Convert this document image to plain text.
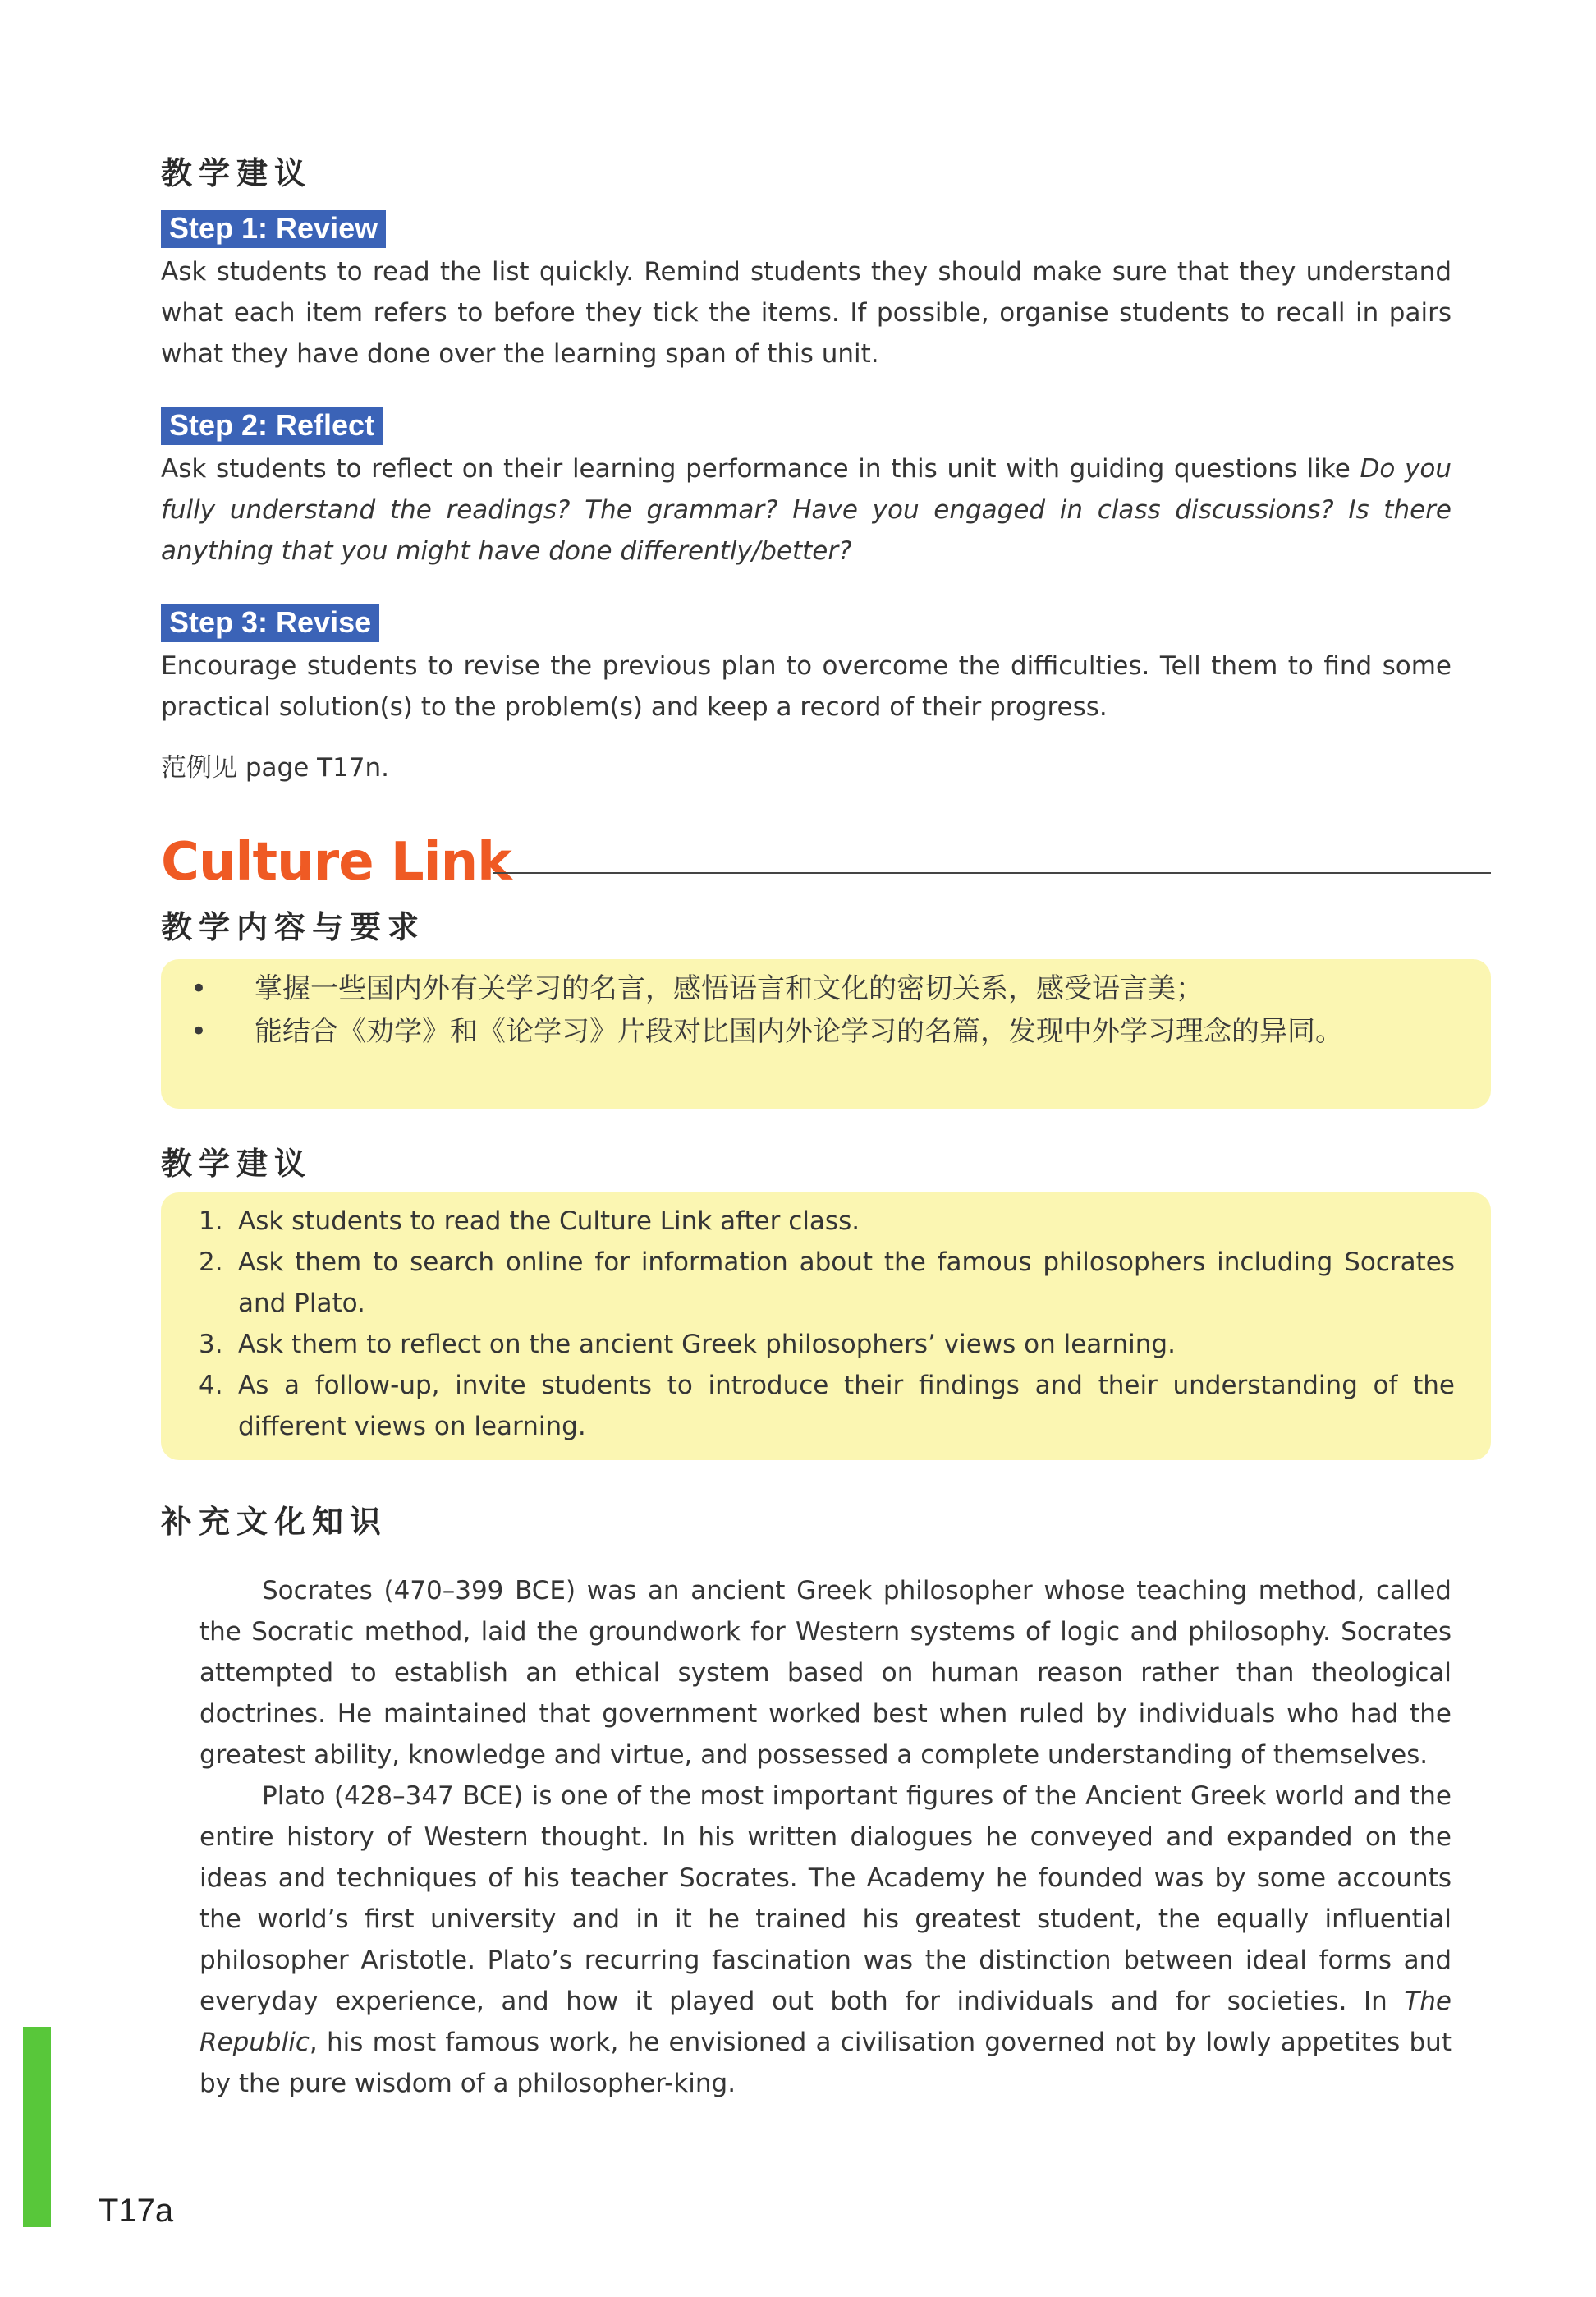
教学建议
Step 1: Review

Ask students to read the list quickly. Remind students they should make sure that they understand what each item refers to before they tick the items. If possible, organise students to recall in pairs what they have done over the learning span of this unit.

Step 2: Reflect

Ask students to reflect on their learning performance in this unit with guiding questions like Do you fully understand the readings? The grammar? Have you engaged in class discussions? Is there anything that you might have done differently/better?

Step 3: Revise

Encourage students to revise the previous plan to overcome the difficulties. Tell them to find some practical solution(s) to the problem(s) and keep a record of their progress.

范例见 page T17n.

Culture Link
教学内容与要求
• 掌握一些国内外有关学习的名言，感悟语言和文化的密切关系，感受语言美；
• 能结合《劝学》和《论学习》片段对比国内外论学习的名篇，发现中外学习理念的异同。
教学建议
1. Ask students to read the Culture Link after class.
2. Ask them to search online for information about the famous philosophers including Socrates and Plato.
3. Ask them to reflect on the ancient Greek philosophers’ views on learning.
4. As a follow-up, invite students to introduce their findings and their understanding of the different views on learning.
补充文化知识

Socrates (470–399 BCE) was an ancient Greek philosopher whose teaching method, called the Socratic method, laid the groundwork for Western systems of logic and philosophy. Socrates attempted to establish an ethical system based on human reason rather than theological doctrines. He maintained that government worked best when ruled by individuals who had the greatest ability, knowledge and virtue, and possessed a complete understanding of themselves.

Plato (428–347 BCE) is one of the most important figures of the Ancient Greek world and the entire history of Western thought. In his written dialogues he conveyed and expanded on the ideas and techniques of his teacher Socrates. The Academy he founded was by some accounts the world’s first university and in it he trained his greatest student, the equally influential philosopher Aristotle. Plato’s recurring fascination was the distinction between ideal forms and everyday experience, and how it played out both for individuals and for societies. In The Republic, his most famous work, he envisioned a civilisation governed not by lowly appetites but by the pure wisdom of a philosopher-king.

T17a
